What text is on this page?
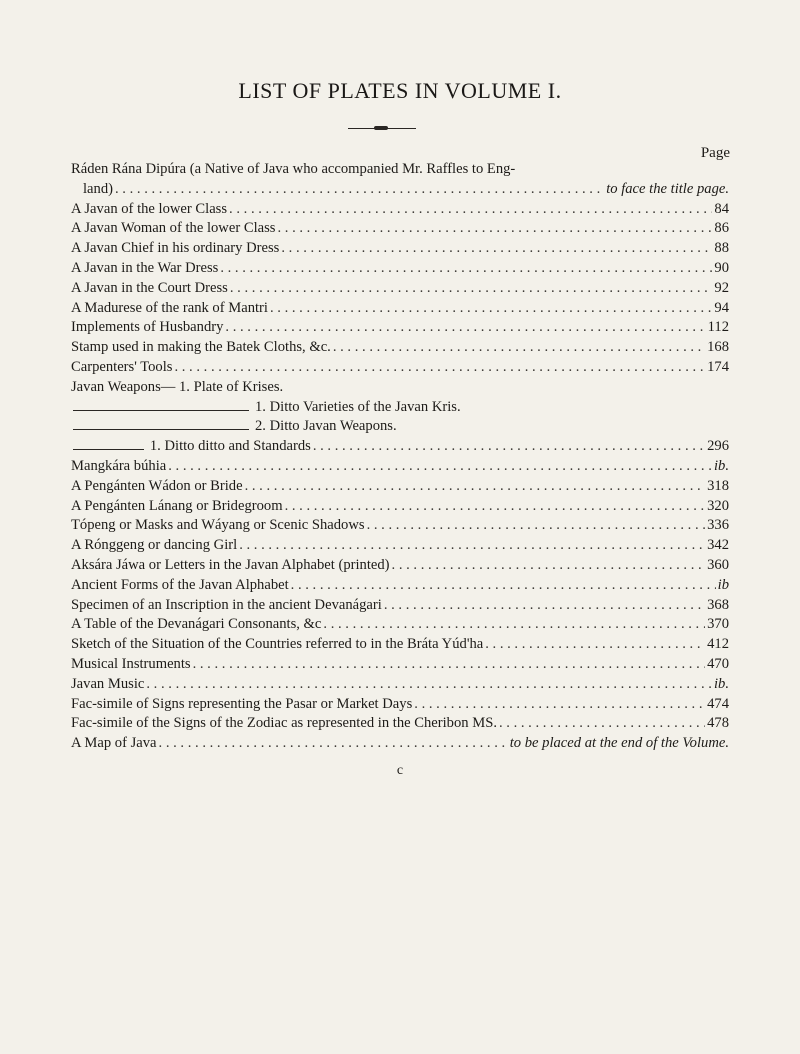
LIST OF PLATES IN VOLUME I.
Page
Ráden Rána Dipúra (a Native of Java who accompanied Mr. Raffles to Eng-
land) . . .	to face the title page.
A Javan of the lower Class . . .	84
A Javan Woman of the lower Class . . .	86
A Javan Chief in his ordinary Dress . . .	88
A Javan in the War Dress . . .	90
A Javan in the Court Dress . . .	92
A Madurese of the rank of Mantri . . .	94
Implements of Husbandry . . .	112
Stamp used in making the Batek Cloths, &c. . . .	168
Carpenters' Tools . . .	174
Javan Weapons— 1. Plate of Krises.
1. Ditto Varieties of the Javan Kris.
2. Ditto Javan Weapons.
1. Ditto ditto and Standards . . .	296
Mangkára búhia . . .	ib.
A Pengánten Wádon or Bride . . .	318
A Pengánten Lánang or Bridegroom . . .	320
Tópeng or Masks and Wáyang or Scenic Shadows . . .	336
A Rónggeng or dancing Girl . . .	342
Aksára Jáwa or Letters in the Javan Alphabet (printed) . . .	360
Ancient Forms of the Javan Alphabet . . .	ib
Specimen of an Inscription in the ancient Devanágari . . .	368
A Table of the Devanágari Consonants, &c . . .	370
Sketch of the Situation of the Countries referred to in the Bráta Yúd'ha . . .	412
Musical Instruments . . .	470
Javan Music . . .	ib.
Fac-simile of Signs representing the Pasar or Market Days . . .	474
Fac-simile of the Signs of the Zodiac as represented in the Cheribon MS. . . .	478
A Map of Java . . .	to be placed at the end of the Volume.
c
